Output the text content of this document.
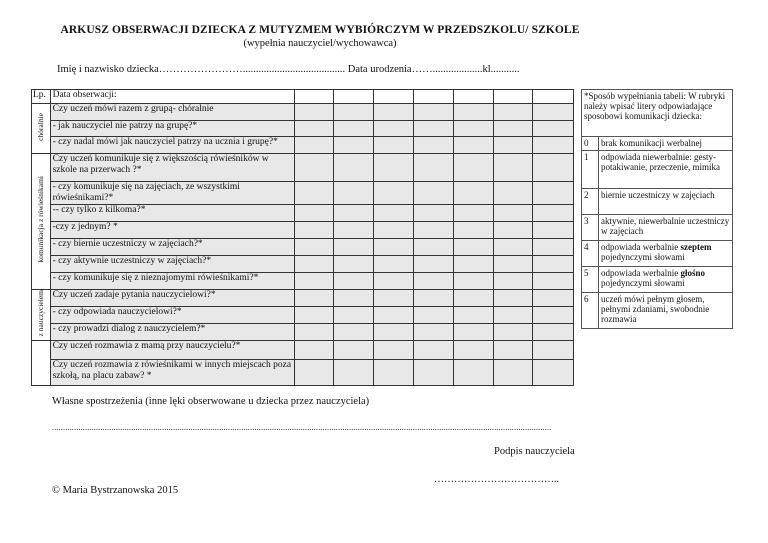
ARKUSZ OBSERWACJI DZIECKA Z MUTYZMEM WYBIÓRCZYM W PRZEDSZKOLU/ SZKOLE
(wypełnia nauczyciel/wychowawca)
Imię i nazwisko dziecka……………………....................................... Data urodzenia……...................kl...........
Lp.	Data obserwacji:							
chóralnie	Czy uczeń mówi razem z grupą- chóralnie							
	- jak nauczyciel nie patrzy na grupę?*							
	- czy nadal mówi jak nauczyciel patrzy na ucznia i grupę?*							
komunikacja z rówieśnikami	Czy uczeń komunikuje się z większością rówieśników w szkole na przerwach ?*							
	- czy komunikuje się na zajęciach, ze wszystkimi rówieśnikami?*							
	-- czy tylko z kilkoma?*							
	-czy z jednym? *							
	- czy biernie uczestniczy w zajęciach?*							
	- czy aktywnie uczestniczy w zajęciach?*							
	- czy komunikuje się z nieznajomymi rówieśnikami?*							
z nauczycielem	Czy uczeń zadaje pytania nauczycielowi?*							
	- czy odpowiada nauczycielowi?*							
	- czy prowadzi dialog z nauczycielem?*							
	Czy uczeń rozmawia z mamą przy nauczycielu?*							
	Czy uczeń rozmawia z rówieśnikami w innych miejscach poza szkołą, na placu zabaw? *							
*Sposób wypełniania tabeli: W rubryki należy wpisać litery odpowiadające sposobowi komunikacji dziecka:	
0	brak komunikacji werbalnej
1	odpowiada niewerbalnie: gesty- potakiwanie, przeczenie, mimika
2	biernie uczestniczy w zajęciach
3	aktywnie, niewerbalnie uczestniczy w zajęciach
4	odpowiada werbalnie szeptem pojedynczymi słowami
5	odpowiada werbalnie głośno pojedynczymi słowami
6	uczeń mówi pełnym głosem, pełnymi zdaniami, swobodnie rozmawia
Własne spostrzeżenia (inne lęki obserwowane u dziecka przez nauczyciela)
...................................................................................................................................................................................................................................
Podpis nauczyciela
………………………………..
© Maria Bystrzanowska 2015
